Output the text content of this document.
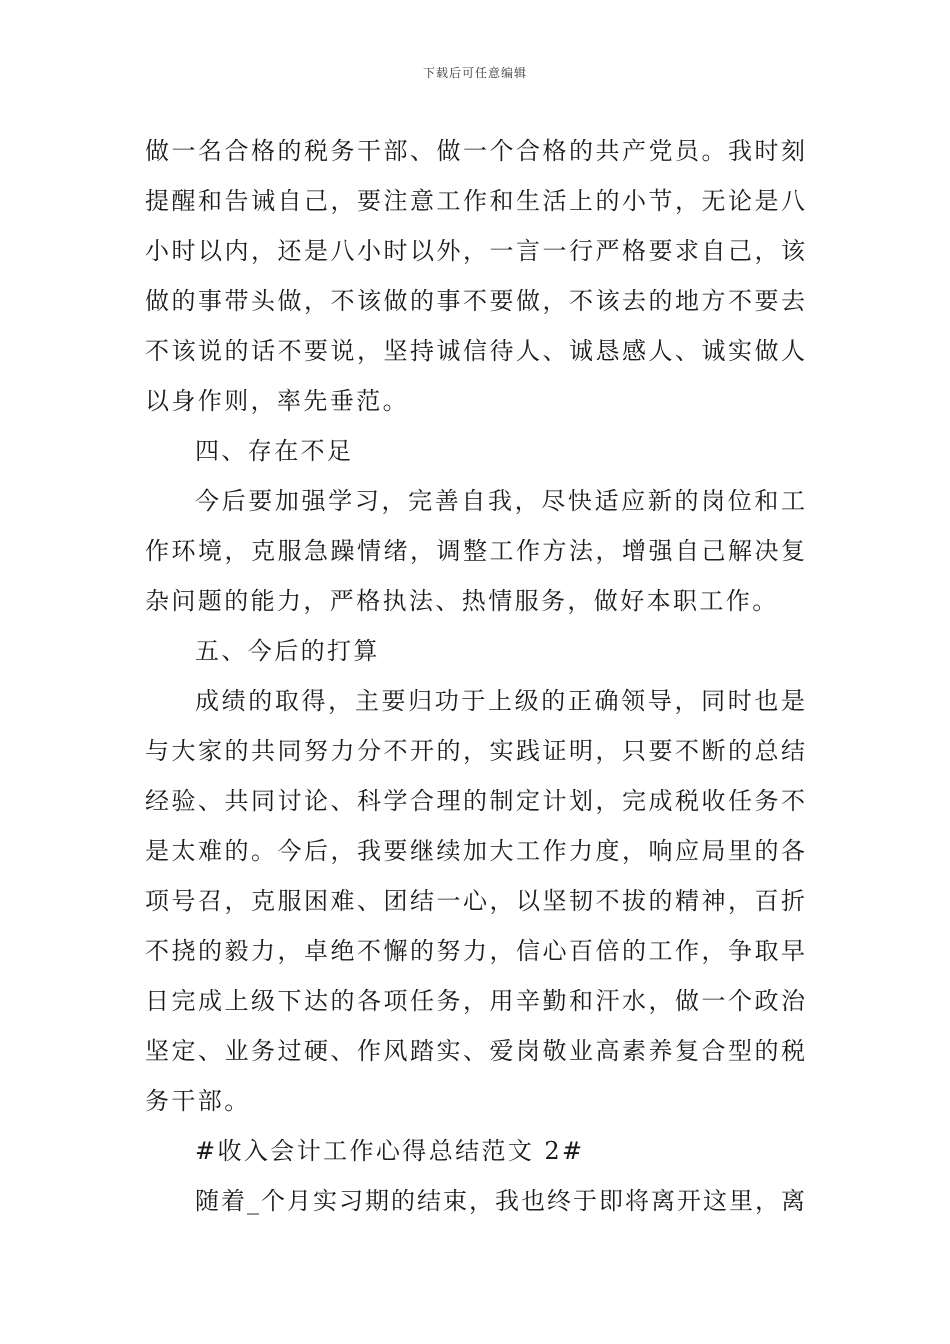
下载后可任意编辑
做一名合格的税务干部、做一个合格的共产党员。我时刻
提醒和告诫自己，要注意工作和生活上的小节，无论是八
小时以内，还是八小时以外，一言一行严格要求自己，该
做的事带头做，不该做的事不要做，不该去的地方不要去
不该说的话不要说，坚持诚信待人、诚恳感人、诚实做人
以身作则，率先垂范。
四、存在不足
今后要加强学习，完善自我，尽快适应新的岗位和工
作环境，克服急躁情绪，调整工作方法，增强自己解决复
杂问题的能力，严格执法、热情服务，做好本职工作。
五、今后的打算
成绩的取得，主要归功于上级的正确领导，同时也是
与大家的共同努力分不开的，实践证明，只要不断的总结
经验、共同讨论、科学合理的制定计划，完成税收任务不
是太难的。今后，我要继续加大工作力度，响应局里的各
项号召，克服困难、团结一心，以坚韧不拔的精神，百折
不挠的毅力，卓绝不懈的努力，信心百倍的工作，争取早
日完成上级下达的各项任务，用辛勤和汗水，做一个政治
坚定、业务过硬、作风踏实、爱岗敬业高素养复合型的税
务干部。
#收入会计工作心得总结范文 2#
随着_个月实习期的结束，我也终于即将离开这里，离
